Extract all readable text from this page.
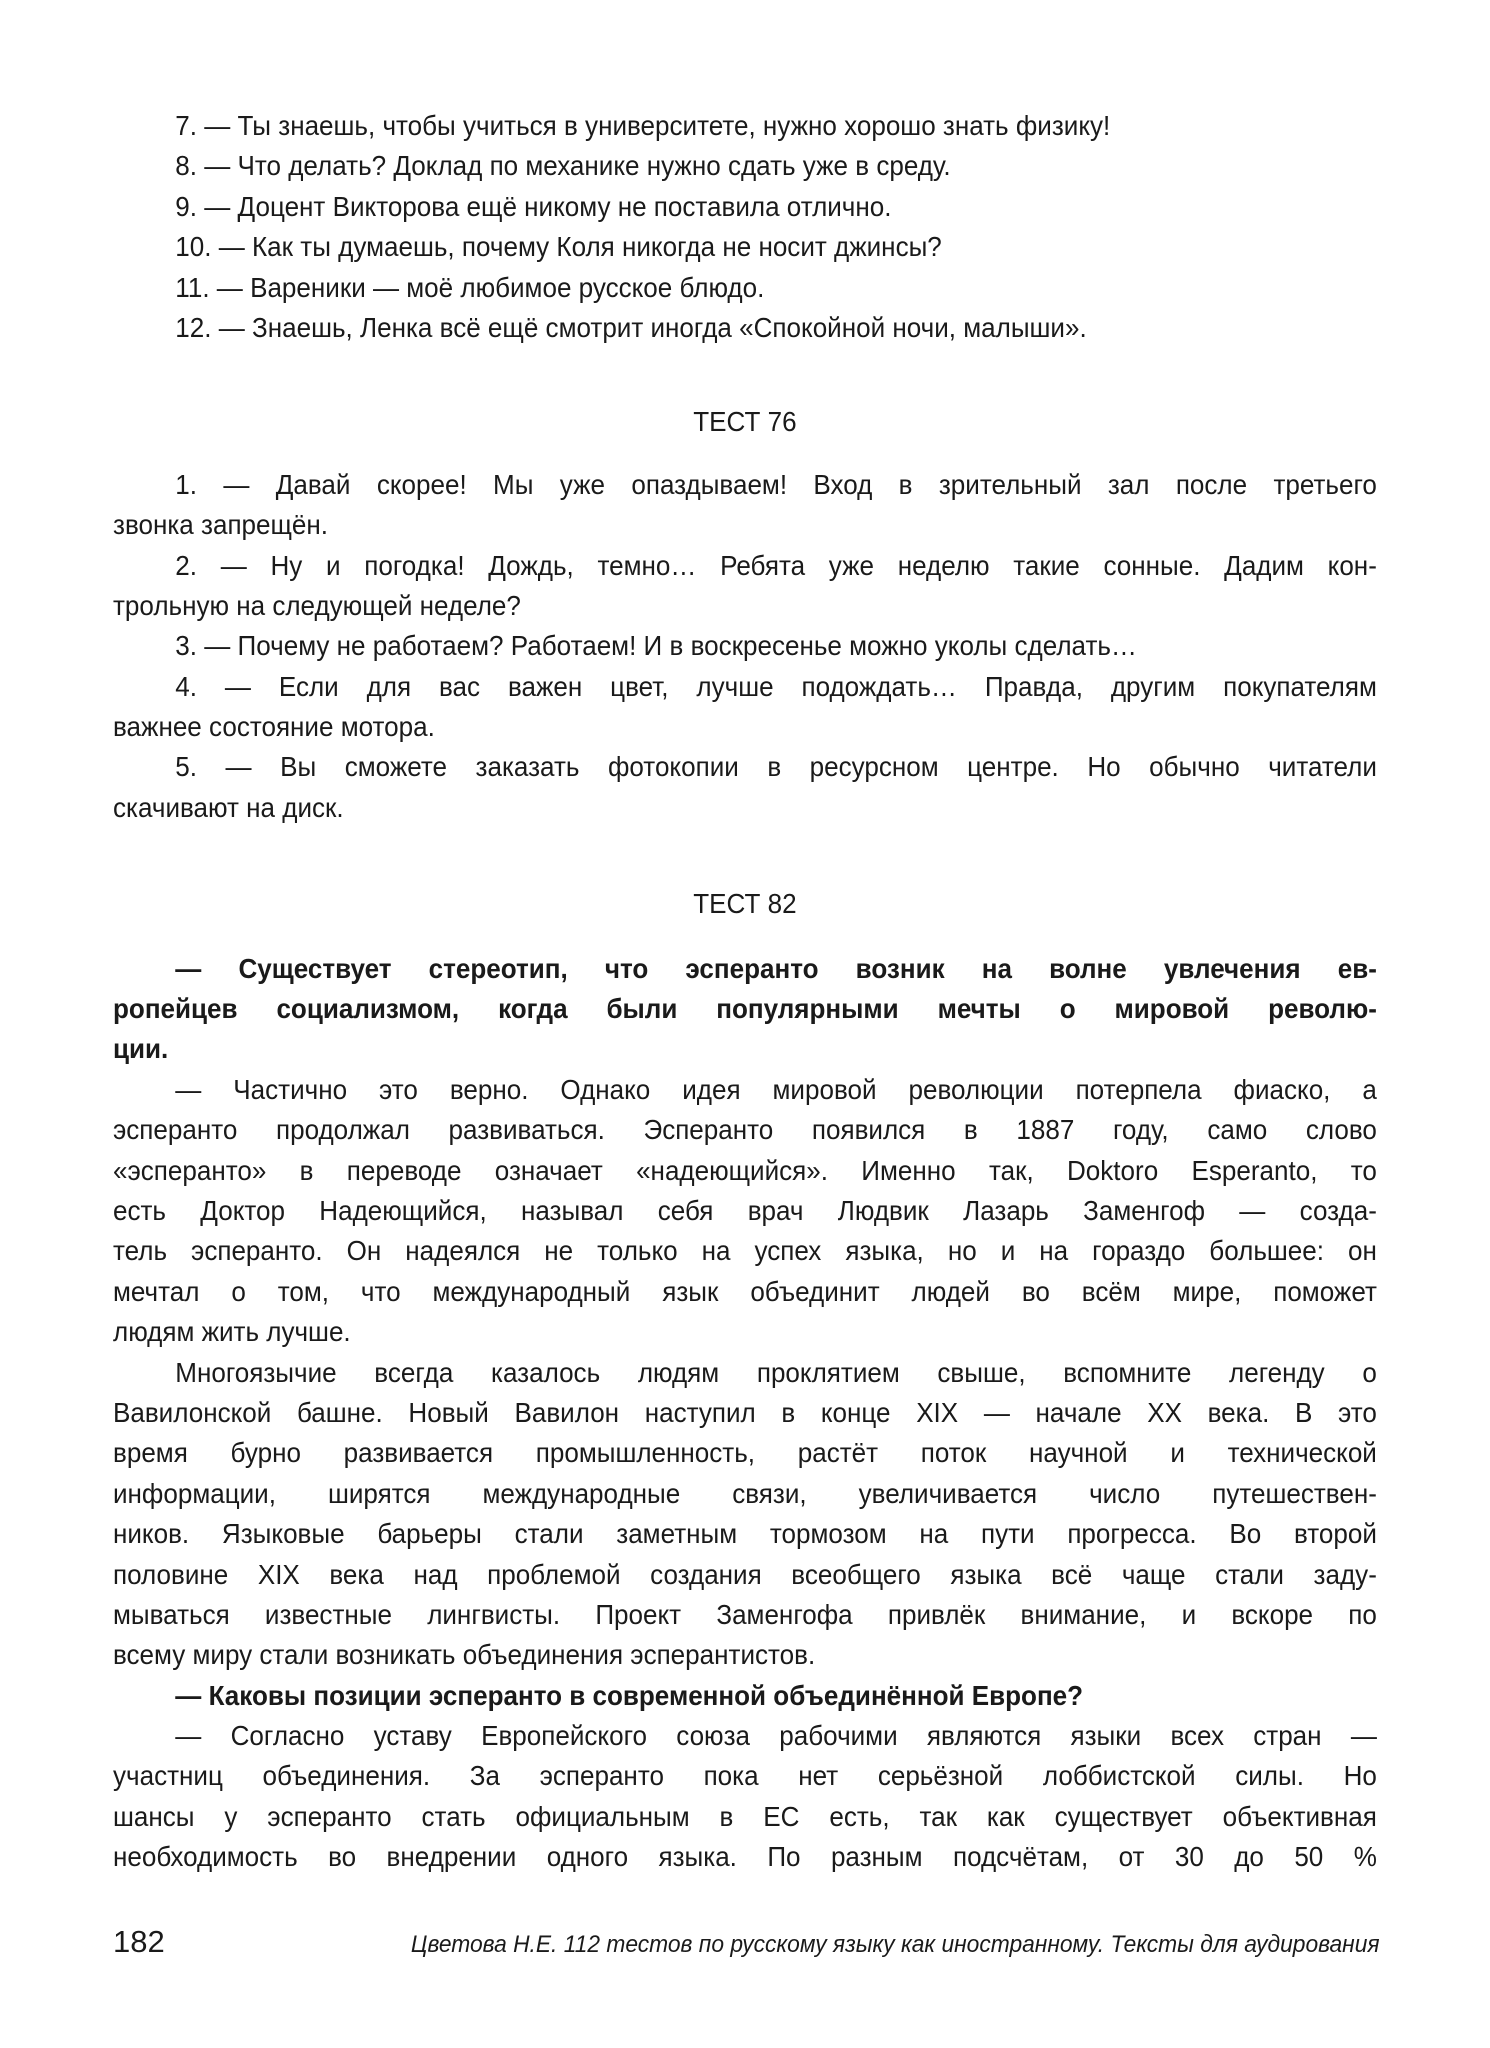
7. — Ты знаешь, чтобы учиться в университете, нужно хорошо знать физику!
8. — Что делать? Доклад по механике нужно сдать уже в среду.
9. — Доцент Викторова ещё никому не поставила отлично.
10. — Как ты думаешь, почему Коля никогда не носит джинсы?
11. — Вареники — моё любимое русское блюдо.
12. — Знаешь, Ленка всё ещё смотрит иногда «Спокойной ночи, малыши».
ТЕСТ 76
1. — Давай скорее! Мы уже опаздываем! Вход в зрительный зал после третьего
звонка запрещён.
2. — Ну и погодка! Дождь, темно… Ребята уже неделю такие сонные. Дадим кон-
трольную на следующей неделе?
3. — Почему не работаем? Работаем! И в воскресенье можно уколы сделать…
4. — Если для вас важен цвет, лучше подождать… Правда, другим покупателям
важнее состояние мотора.
5. — Вы сможете заказать фотокопии в ресурсном центре. Но обычно читатели
скачивают на диск.
ТЕСТ 82
— Существует стереотип, что эсперанто возник на волне увлечения ев-
ропейцев социализмом, когда были популярными мечты о мировой револю-
ции.
— Частично это верно. Однако идея мировой революции потерпела фиаско, а
эсперанто продолжал развиваться. Эсперанто появился в 1887 году, само слово
«эсперанто» в переводе означает «надеющийся». Именно так, Doktoro Esperanto, то
есть Доктор Надеющийся, называл себя врач Людвик Лазарь Заменгоф — созда-
тель эсперанто. Он надеялся не только на успех языка, но и на гораздо большее: он
мечтал о том, что международный язык объединит людей во всём мире, поможет
людям жить лучше.
Многоязычие всегда казалось людям проклятием свыше, вспомните легенду о
Вавилонской башне. Новый Вавилон наступил в конце XIX — начале XX века. В это
время бурно развивается промышленность, растёт поток научной и технической
информации, ширятся международные связи, увеличивается число путешествен-
ников. Языковые барьеры стали заметным тормозом на пути прогресса. Во второй
половине XIX века над проблемой создания всеобщего языка всё чаще стали заду-
мываться известные лингвисты. Проект Заменгофа привлёк внимание, и вскоре по
всему миру стали возникать объединения эсперантистов.
— Каковы позиции эсперанто в современной объединённой Европе?
— Согласно уставу Европейского союза рабочими являются языки всех стран —
участниц объединения. За эсперанто пока нет серьёзной лоббистской силы. Но
шансы у эсперанто стать официальным в ЕС есть, так как существует объективная
необходимость во внедрении одного языка. По разным подсчётам, от 30 до 50 %
182	Цветова Н.Е. 112 тестов по русскому языку как иностранному. Тексты для аудирования
